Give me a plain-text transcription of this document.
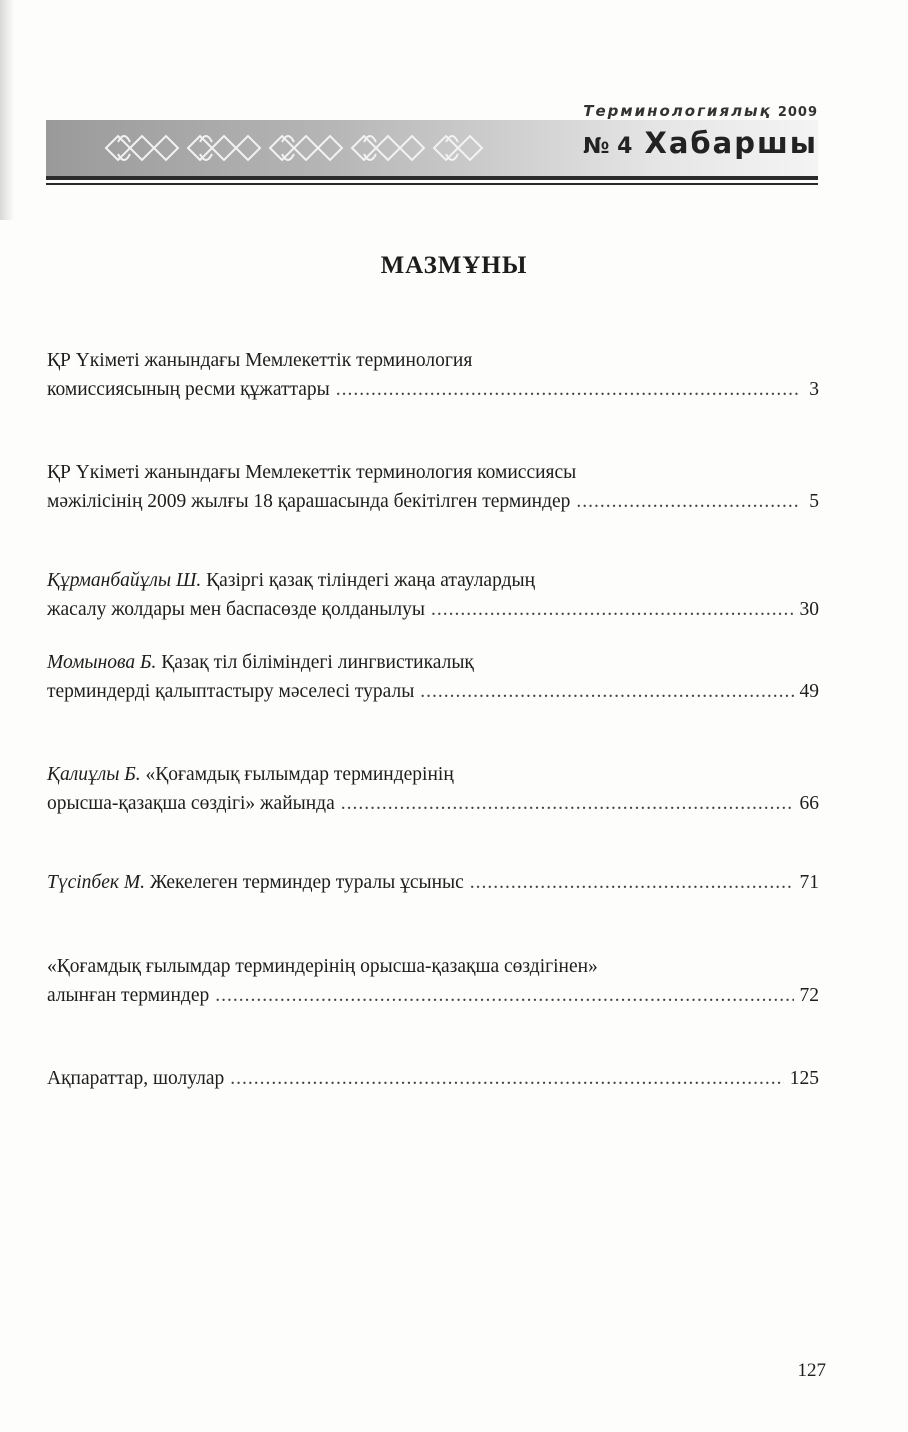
Терминологиялық 2009
№ 4 Хабаршы
МАЗМҰНЫ
ҚР Үкіметі жанындағы Мемлекеттік терминология
комиссиясының ресми құжаттары .....	3
ҚР Үкіметі жанындағы Мемлекеттік терминология комиссиясы
мәжілісінің 2009 жылғы 18 қарашасында бекітілген терминдер .....	5
Құрманбайұлы Ш. Қазіргі қазақ тіліндегі жаңа атаулардың
жасалу жолдары мен баспасөзде қолданылуы .....	30
Момынова Б. Қазақ тіл біліміндегі лингвистикалық
терминдерді қалыптастыру мәселесі туралы .....	49

Қалиұлы Б. «Қоғамдық ғылымдар терминдерінің
орысша-қазақша сөздігі» жайында .....	66
Түсіпбек М. Жекелеген терминдер туралы ұсыныс .....	71
«Қоғамдық ғылымдар терминдерінің орысша-қазақша сөздігінен»
алынған терминдер .....	72
Ақпараттар, шолулар .....	125
127
